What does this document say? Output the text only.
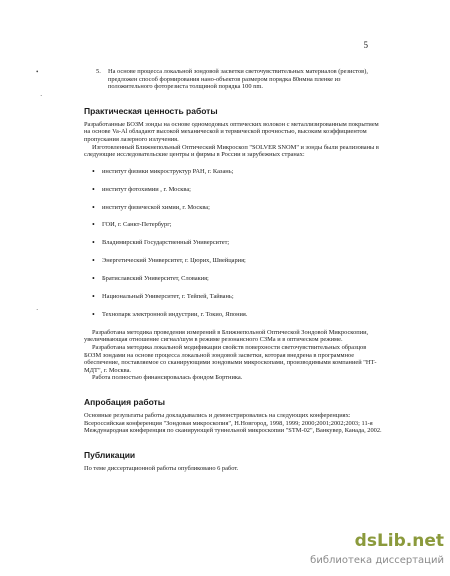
5
•
·
·
5.	На основе процесса локальной зондовой засветки светочувствительных материалов (резистов), предложен способ формирования нано-объектов размером порядка 80нмна пленке из положительного фоторезиста толщиной порядка 100 nm.
Практическая ценность работы

Разработанные БОЗМ зонды на основе одномодовых оптических волокон с металлизированным покрытием на основе Va-Al обладают высокой механической и термической прочностью, высоким коэффициентом пропускания лазерного излучения.

Изготовленный Ближнепольный Оптический Микроскоп "SOLVER SNOM" и зонды были реализованы в следующие исследовательские центры и фирмы в России и зарубежных странах:

•	институт физики микроструктур РАН, г. Казань;
•	институт фотохимии , г. Москва;
•	институт физической химии, г. Москва;
•	ГОИ, г. Санкт-Петербург;
•	Владимирский Государственный Университет;
•	Энергетический Университет, г. Цюрих, Швейцария;
•	Братиславский Университет, Словакия;
•	Национальный Университет, г. Тейпей, Тайвань;
•	Технопарк электронной индустрии, г. Токио, Япония.

Разработана методика проведения измерений в Ближнепольной Оптической Зондовой Микроскопии, увеличивающая отношение сигнал/шум в режиме резонансного СЗМа и в оптическом режиме.

Разработана методика локальной модификации свойств поверхности светочувствительных образцов БОЗМ зондами на основе процесса локальной зондовой засветки, которая внедрена в программное обеспечение, поставляемое со сканирующими зондовыми микроскопами, производимыми компанией "НТ-МДТ", г. Москва.

Работа полностью финансировалась фондом Бортника.

Апробация работы

Основные результаты работы докладывались и демонстрировались на следующих конференциях: Всероссийская конференция "Зондовая микроскопия", Н.Новгород, 1998, 1999; 2000;2001;2002;2003; 11-я Международная конференция по сканирующей туннельной микроскопии "STM-02", Ванкувер, Канада, 2002.

Публикации

По теме диссертационной работы опубликовано 6 работ.

dsLib.net
библиотека диссертаций
